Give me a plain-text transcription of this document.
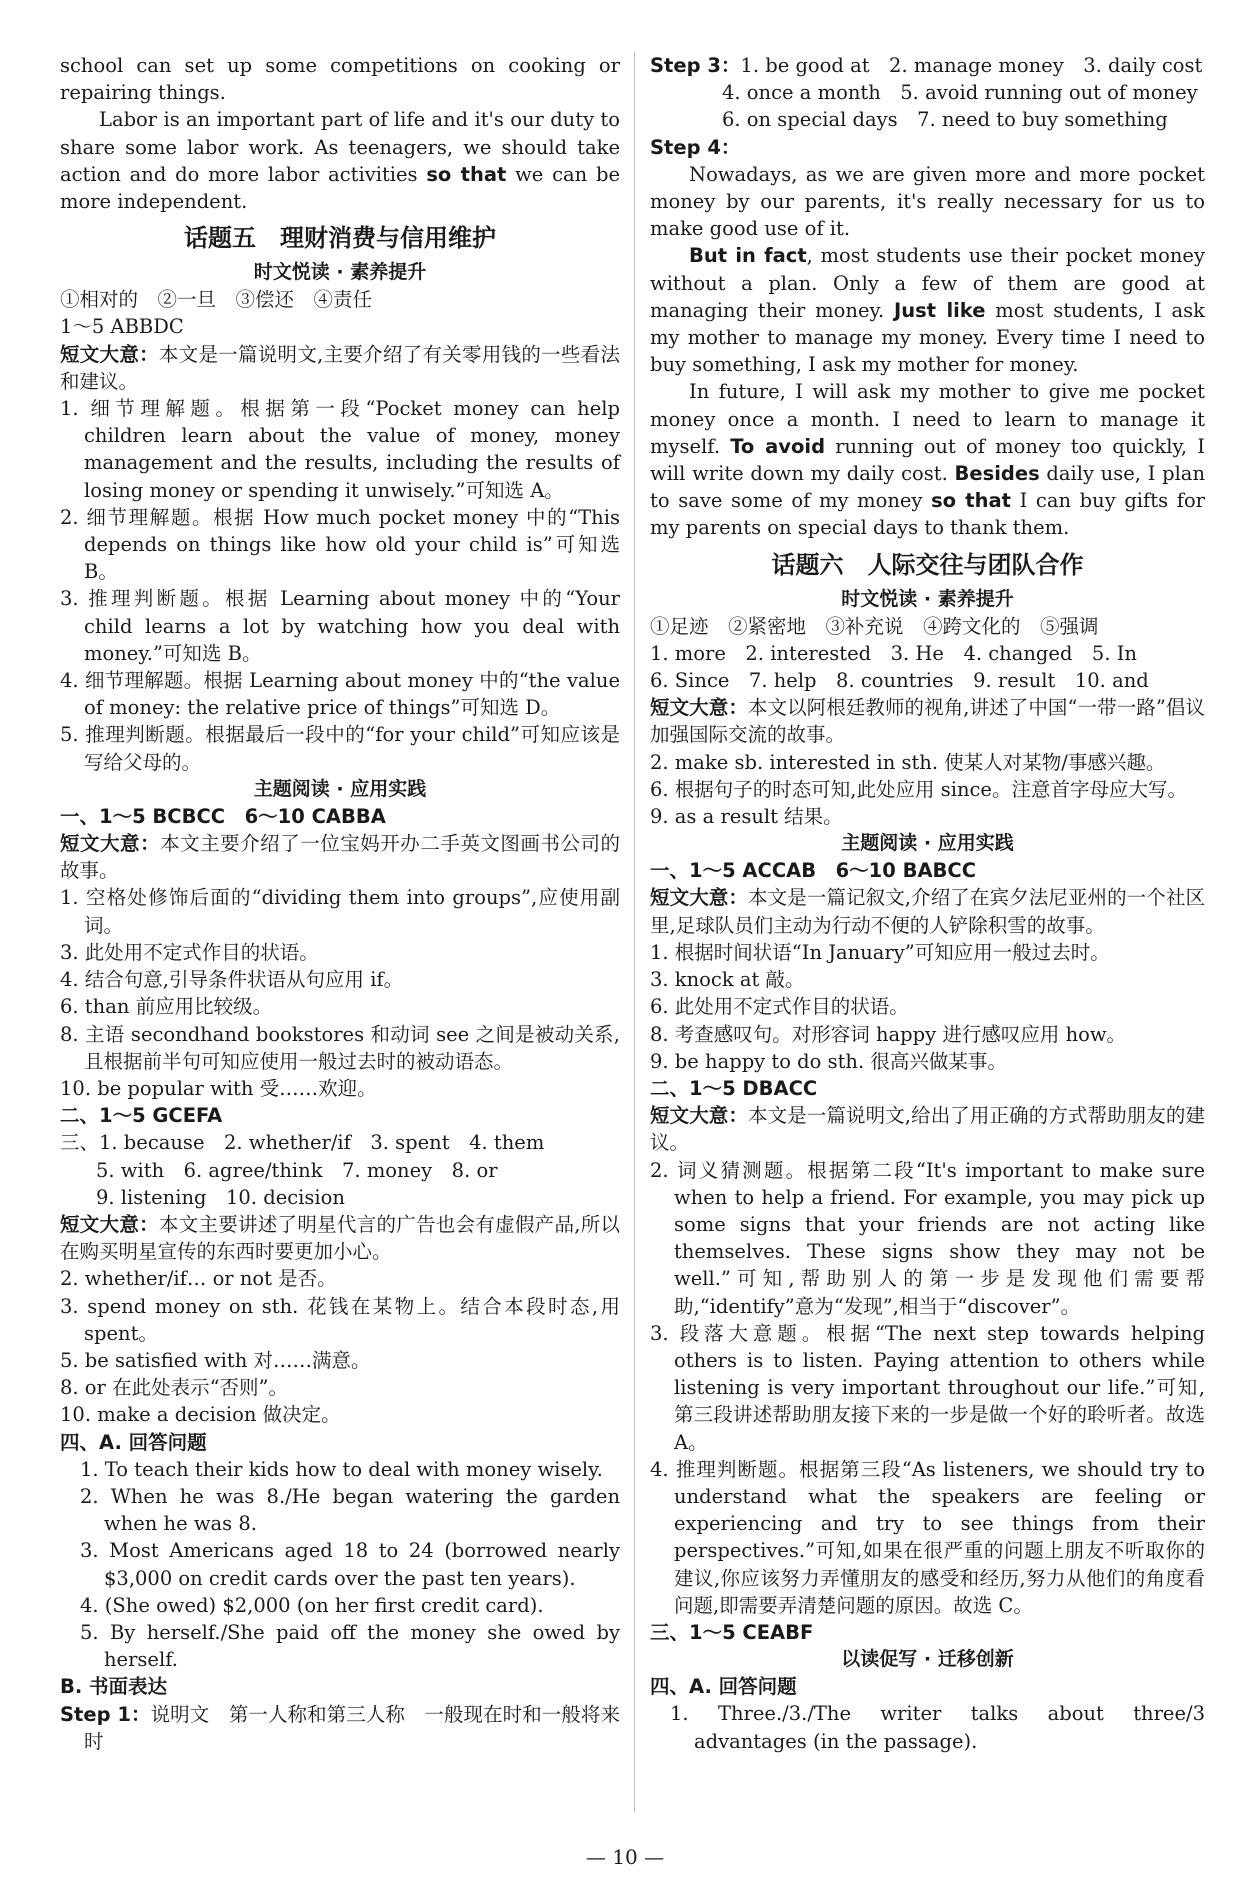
school can set up some competitions on cooking or repairing things.

Labor is an important part of life and it's our duty to share some labor work. As teenagers, we should take action and do more labor activities so that we can be more independent.

话题五　理财消费与信用维护
时文悦读 · 素养提升

①相对的　②一旦　③偿还　④责任

1～5 ABBDC

短文大意：本文是一篇说明文,主要介绍了有关零用钱的一些看法和建议。

1. 细节理解题。根据第一段“Pocket money can help children learn about the value of money, money management and the results, including the results of losing money or spending it unwisely.”可知选 A。

2. 细节理解题。根据 How much pocket money 中的“This depends on things like how old your child is”可知选 B。

3. 推理判断题。根据 Learning about money 中的“Your child learns a lot by watching how you deal with money.”可知选 B。

4. 细节理解题。根据 Learning about money 中的“the value of money: the relative price of things”可知选 D。

5. 推理判断题。根据最后一段中的“for your child”可知应该是写给父母的。

主题阅读 · 应用实践

一、1～5 BCBCC　6～10 CABBA

短文大意：本文主要介绍了一位宝妈开办二手英文图画书公司的故事。

1. 空格处修饰后面的“dividing them into groups”,应使用副词。

3. 此处用不定式作目的状语。

4. 结合句意,引导条件状语从句应用 if。

6. than 前应用比较级。

8. 主语 secondhand bookstores 和动词 see 之间是被动关系,且根据前半句可知应使用一般过去时的被动语态。

10. be popular with 受……欢迎。

二、1～5 GCEFA

三、1. because　2. whether/if　3. spent　4. them

5. with　6. agree/think　7. money　8. or

9. listening　10. decision

短文大意：本文主要讲述了明星代言的广告也会有虚假产品,所以在购买明星宣传的东西时要更加小心。

2. whether/if… or not 是否。

3. spend money on sth. 花钱在某物上。结合本段时态,用 spent。

5. be satisfied with 对……满意。

8. or 在此处表示“否则”。

10. make a decision 做决定。

四、A. 回答问题

1. To teach their kids how to deal with money wisely.

2. When he was 8./He began watering the garden when he was 8.

3. Most Americans aged 18 to 24 (borrowed nearly $3,000 on credit cards over the past ten years).

4. (She owed) $2,000 (on her first credit card).

5. By herself./She paid off the money she owed by herself.

B. 书面表达

Step 1：说明文　第一人称和第三人称　一般现在时和一般将来时

Step 3：1. be good at　2. manage money　3. daily cost

4. once a month　5. avoid running out of money

6. on special days　7. need to buy something

Step 4：

Nowadays, as we are given more and more pocket money by our parents, it's really necessary for us to make good use of it.

But in fact, most students use their pocket money without a plan. Only a few of them are good at managing their money. Just like most students, I ask my mother to manage my money. Every time I need to buy something, I ask my mother for money.

In future, I will ask my mother to give me pocket money once a month. I need to learn to manage it myself. To avoid running out of money too quickly, I will write down my daily cost. Besides daily use, I plan to save some of my money so that I can buy gifts for my parents on special days to thank them.

话题六　人际交往与团队合作
时文悦读 · 素养提升

①足迹　②紧密地　③补充说　④跨文化的　⑤强调

1. more　2. interested　3. He　4. changed　5. In

6. Since　7. help　8. countries　9. result　10. and

短文大意：本文以阿根廷教师的视角,讲述了中国“一带一路”倡议加强国际交流的故事。

2. make sb. interested in sth. 使某人对某物/事感兴趣。

6. 根据句子的时态可知,此处应用 since。注意首字母应大写。

9. as a result 结果。

主题阅读 · 应用实践

一、1～5 ACCAB　6～10 BABCC

短文大意：本文是一篇记叙文,介绍了在宾夕法尼亚州的一个社区里,足球队员们主动为行动不便的人铲除积雪的故事。

1. 根据时间状语“In January”可知应用一般过去时。

3. knock at 敲。

6. 此处用不定式作目的状语。

8. 考查感叹句。对形容词 happy 进行感叹应用 how。

9. be happy to do sth. 很高兴做某事。

二、1～5 DBACC

短文大意：本文是一篇说明文,给出了用正确的方式帮助朋友的建议。

2. 词义猜测题。根据第二段“It's important to make sure when to help a friend. For example, you may pick up some signs that your friends are not acting like themselves. These signs show they may not be well.”可知,帮助别人的第一步是发现他们需要帮助,“identify”意为“发现”,相当于“discover”。

3. 段落大意题。根据“The next step towards helping others is to listen. Paying attention to others while listening is very important throughout our life.”可知,第三段讲述帮助朋友接下来的一步是做一个好的聆听者。故选 A。

4. 推理判断题。根据第三段“As listeners, we should try to understand what the speakers are feeling or experiencing and try to see things from their perspectives.”可知,如果在很严重的问题上朋友不听取你的建议,你应该努力弄懂朋友的感受和经历,努力从他们的角度看问题,即需要弄清楚问题的原因。故选 C。

三、1～5 CEABF

以读促写 · 迁移创新

四、A. 回答问题

1. Three./3./The writer talks about three/3 advantages (in the passage).

— 10 —
